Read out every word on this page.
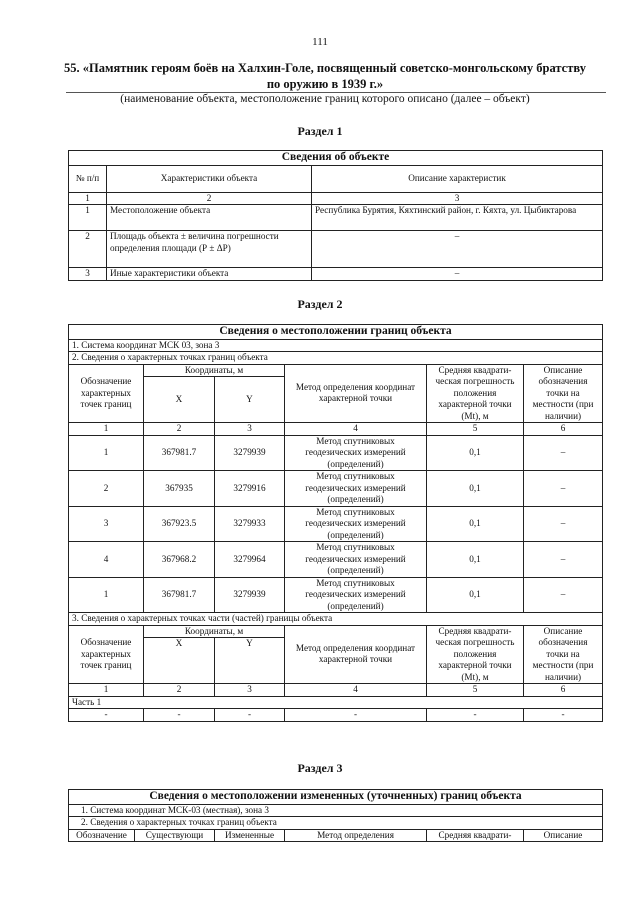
111
55. «Памятник героям боёв на Халхин-Голе, посвященный советско-монгольскому братству по оружию в 1939 г.»
(наименование объекта, местоположение границ которого описано (далее – объект)
Раздел 1
Сведения об объекте		
№ п/п	Характеристики объекта	Описание характеристик
1	2	3
1	Местоположение объекта	Республика Бурятия, Кяхтинский район, г. Кяхта, ул. Цыбиктарова
2	Площадь объекта ± величина погрешности определения площади (Р ± ΔР)	–
3	Иные характеристики объекта	–
Раздел 2
Сведения о местоположении границ объекта					
1. Система координат МСК 03, зона 3					
2. Сведения о характерных точках границ объекта					
Обозначение характерных точек границ	Координаты, м		Метод определения координат характерной точки	Средняя квадрати-ческая погрешность положения характерной точки (Mt), м	Описание обозначения точки на местности (при наличии)
	X	Y			
1	2	3	4	5	6
1	367981.7	3279939	Метод спутниковых геодезических измерений (определений)	0,1	–
2	367935	3279916	Метод спутниковых геодезических измерений (определений)	0,1	–
3	367923.5	3279933	Метод спутниковых геодезических измерений (определений)	0,1	–
4	367968.2	3279964	Метод спутниковых геодезических измерений (определений)	0,1	–
1	367981.7	3279939	Метод спутниковых геодезических измерений (определений)	0,1	–
3. Сведения о характерных точках части (частей) границы объекта					
Обозначение характерных точек границ	Координаты, м		Метод определения координат характерной точки	Средняя квадрати-ческая погрешность положения характерной точки (Mt), м	Описание обозначения точки на местности (при наличии)
	X	Y			
1	2	3	4	5	6
Часть 1					
-	-	-	-	-	-
Раздел 3
Сведения о местоположении измененных (уточненных) границ объекта
1. Система координат МСК-03 (местная), зона 3
2. Сведения о характерных точках границ объекта
Обозначение	Существующи	Измененные	Метод определения	Средняя квадрати-	Описание
